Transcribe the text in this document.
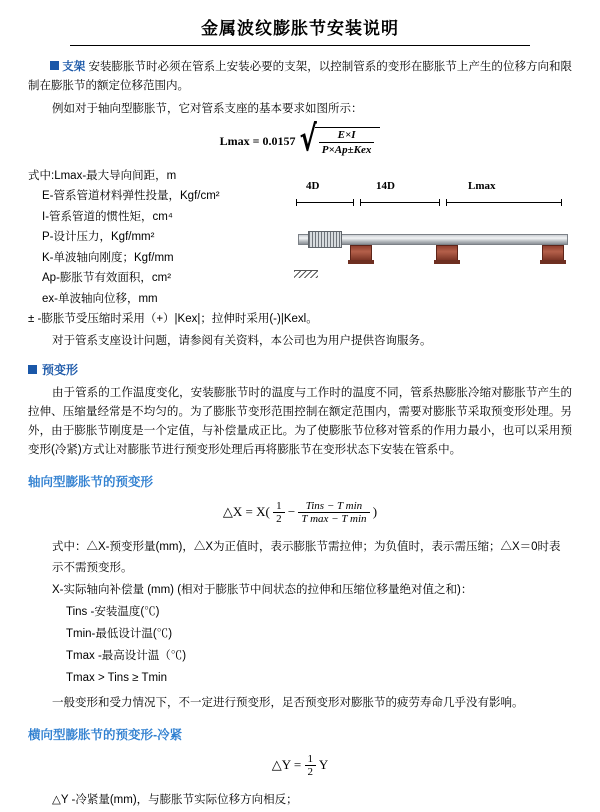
金属波纹膨胀节安装说明

支架 安装膨胀节时必须在管系上安装必要的支架，以控制管系的变形在膨胀节上产生的位移方向和限制在膨胀节的额定位移范围内。

例如对于轴向型膨胀节，它对管系支座的基本要求如图所示：

Lmax = 0.0157 √ $\frac{E\times I}{\text{P×Ap±Kex}}$
式中:Lmax-最大导向间距，m
E-管系管道材料弹性投量，Kgf/cm²
I-管系管道的惯性矩，cm⁴
P-设计压力，Kgf/mm²
K-单波轴向刚度；Kgf/mm
Ap-膨胀节有效面积，cm²
ex-单波轴向位移，mm
± -膨胀节受压缩时采用（+）|Kex|；拉伸时采用(-)|Kexl。
4D	14D	Lmax

对于管系支座设计问题，请参阅有关资料，本公司也为用户提供咨询服务。

预变形

由于管系的工作温度变化，安装膨胀节时的温度与工作时的温度不同，管系热膨胀冷缩对膨胀节产生的拉伸、压缩量经常是不均匀的。为了膨胀节变形范围控制在额定范围内，需要对膨胀节采取预变形处理。另外，由于膨胀节刚度是一个定值，与补偿量成正比。为了使膨胀节位移对管系的作用力最小，也可以采用预变形(冷紧)方式让对膨胀节进行预变形处理后再将膨胀节在变形状态下安装在管系中。

轴向型膨胀节的预变形
△X = $X( \frac{1}{2} - \frac{\text{Tins − T min}}{\text{T max − T min}}$ )
式中：△X-预变形量(mm)，△X为正值时，表示膨胀节需拉伸；为负值时，表示需压缩；△X＝0时表示不需预变形。
X-实际轴向补偿量 (mm) (相对于膨胀节中间状态的拉伸和压缩位移量绝对值之和)：
Tins -安装温度(℃)
Tmin-最低设计温(℃)
Tmax -最高设计温（℃)
Tmax > Tins ≥ Tmin

一般变形和受力情况下，不一定进行预变形，足否预变形对膨胀节的疲劳寿命几乎没有影响。

横向型膨胀节的预变形-冷紧
△Y = $\frac{1}{2}$ Y
△Y -冷紧量(mm)，与膨胀节实际位移方向相反；
